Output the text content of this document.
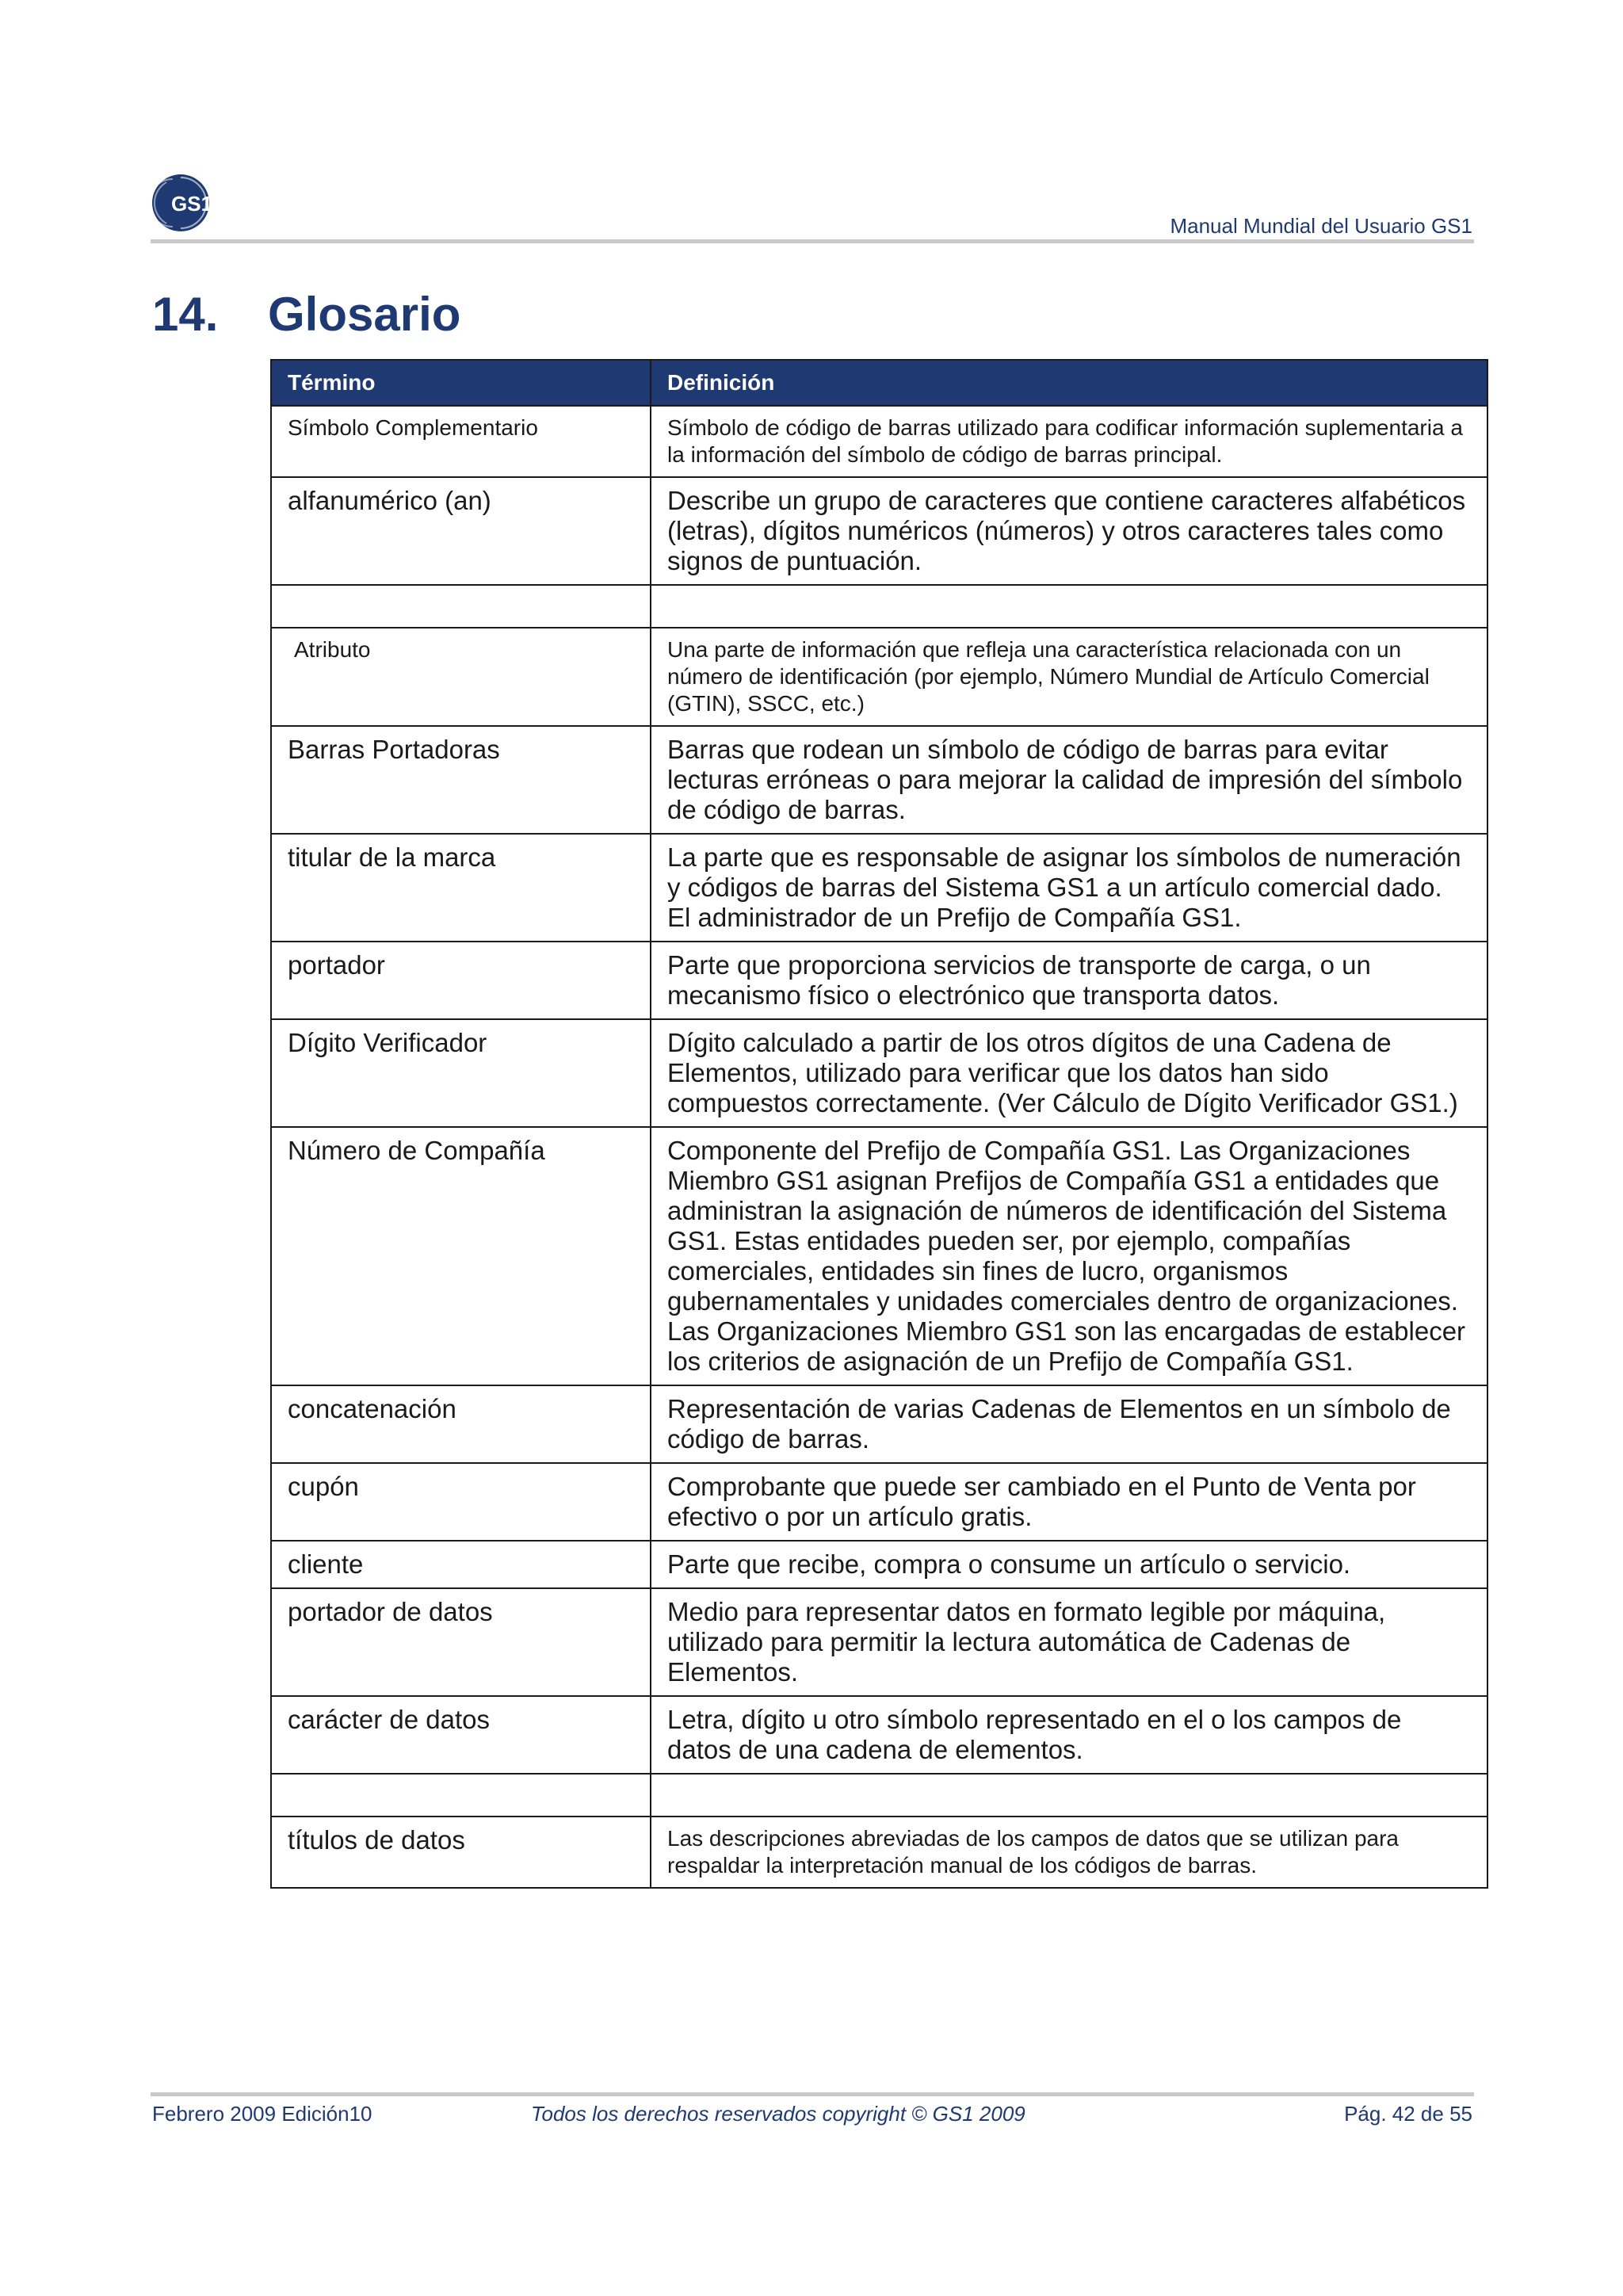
GS1
Manual Mundial del Usuario GS1
14.	Glosario
Término	Definición
Símbolo Complementario	Símbolo de código de barras utilizado para codificar información suplementaria a la información del símbolo de código de barras principal.
alfanumérico (an)	Describe un grupo de caracteres que contiene caracteres alfabéticos (letras), dígitos numéricos (números) y otros caracteres tales como signos de puntuación.

Atributo	Una parte de información que refleja una característica relacionada con un número de identificación (por ejemplo, Número Mundial de Artículo Comercial (GTIN), SSCC, etc.)
Barras Portadoras	Barras que rodean un símbolo de código de barras para evitar lecturas erróneas o para mejorar la calidad de impresión del símbolo de código de barras.
titular de la marca	La parte que es responsable de asignar los símbolos de numeración y códigos de barras del Sistema GS1 a un artículo comercial dado. El administrador de un Prefijo de Compañía GS1.
portador	Parte que proporciona servicios de transporte de carga, o un mecanismo físico o electrónico que transporta datos.
Dígito Verificador	Dígito calculado a partir de los otros dígitos de una Cadena de Elementos, utilizado para verificar que los datos han sido compuestos correctamente. (Ver Cálculo de Dígito Verificador GS1.)
Número de Compañía	Componente del Prefijo de Compañía GS1. Las Organizaciones Miembro GS1 asignan Prefijos de Compañía GS1 a entidades que administran la asignación de números de identificación del Sistema GS1. Estas entidades pueden ser, por ejemplo, compañías comerciales, entidades sin fines de lucro, organismos gubernamentales y unidades comerciales dentro de organizaciones. Las Organizaciones Miembro GS1 son las encargadas de establecer los criterios de asignación de un Prefijo de Compañía GS1.
concatenación	Representación de varias Cadenas de Elementos en un símbolo de código de barras.
cupón	Comprobante que puede ser cambiado en el Punto de Venta por efectivo o por un artículo gratis.
cliente	Parte que recibe, compra o consume un artículo o servicio.
portador de datos	Medio para representar datos en formato legible por máquina, utilizado para permitir la lectura automática de Cadenas de Elementos.
carácter de datos	Letra, dígito u otro símbolo representado en el o los campos de datos de una cadena de elementos.

títulos de datos	Las descripciones abreviadas de los campos de datos que se utilizan para respaldar la interpretación manual de los códigos de barras.
Febrero 2009 Edición10	Todos los derechos reservados copyright © GS1 2009	Pág. 42 de 55
